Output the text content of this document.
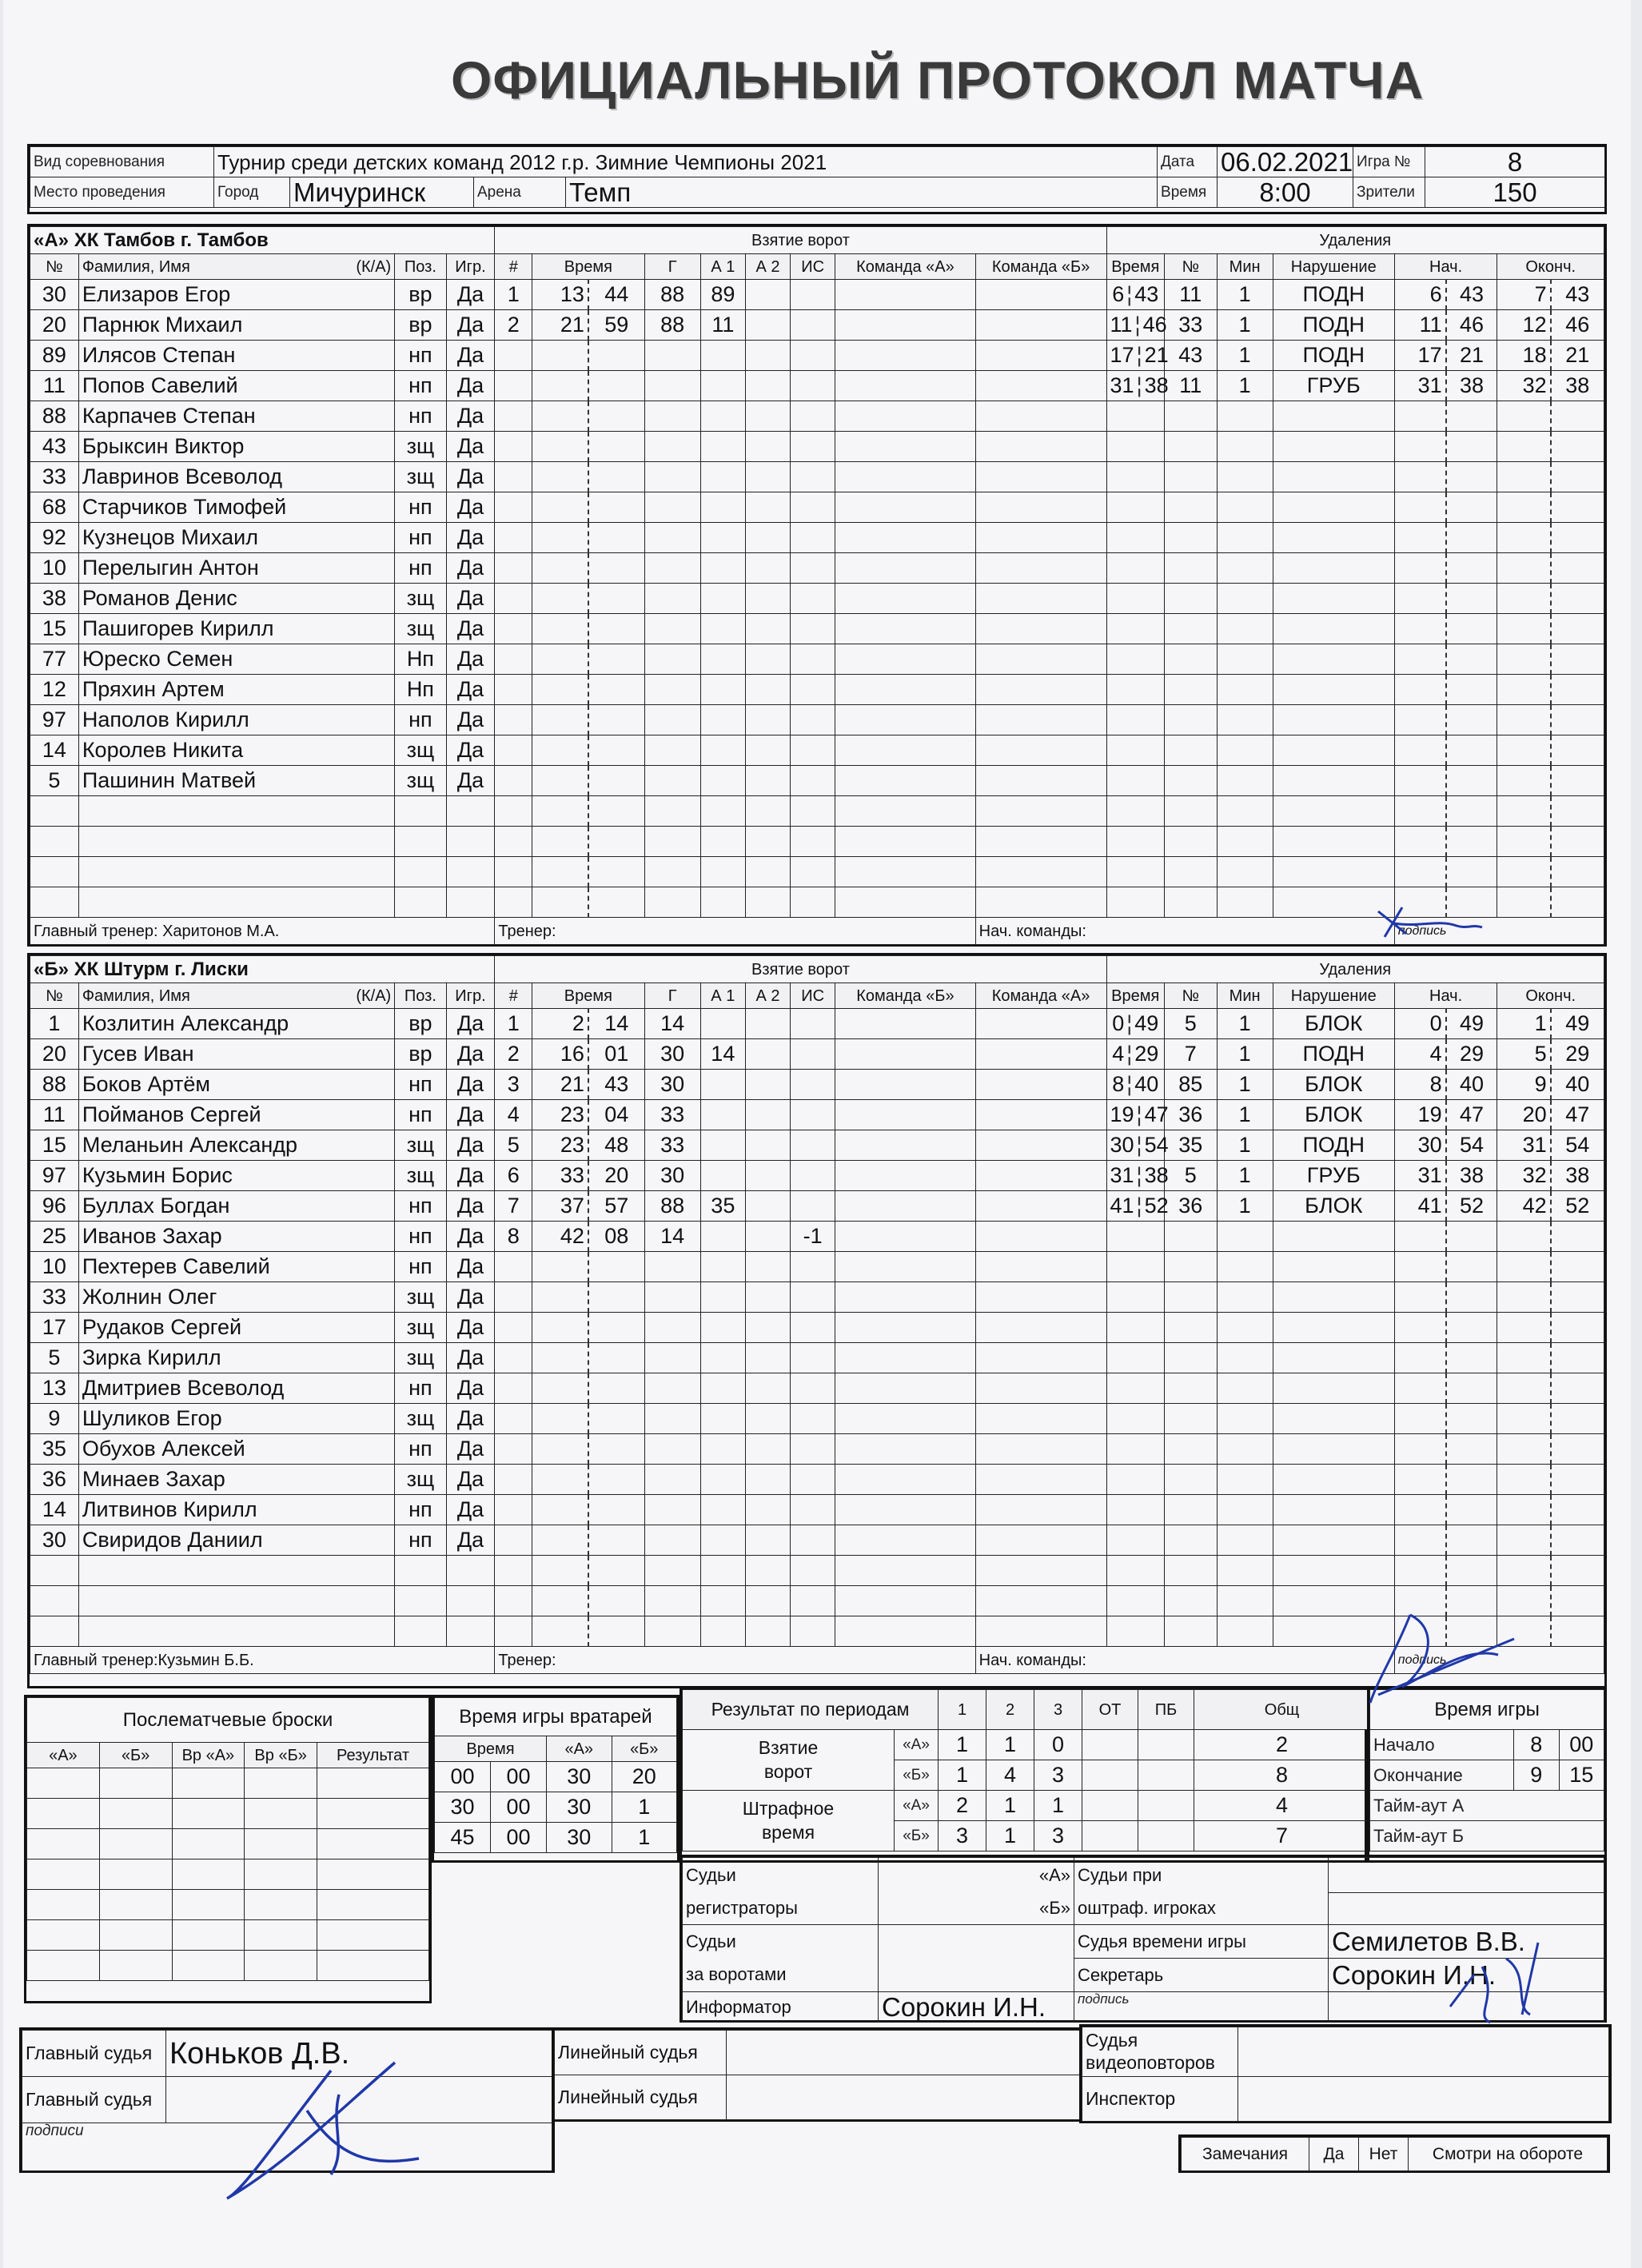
ОФИЦИАЛЬНЫЙ ПРОТОКОЛ МАТЧА
Вид соревнования	Турнир среди детских команд 2012 г.р. Зимние Чемпионы 2021				Дата	06.02.2021	Игра №	8
Место проведения	Город	Мичуринск	Арена	Темп	Время	8:00	Зрители	150
«А» ХК Тамбов г. Тамбов				Взятие ворот									Удаления							
№	Фамилия, Имя (К/А)	Поз.	Игр.	#	Время		Г	А 1	А 2	ИС	Команда «А»	Команда «Б»	Время	№	Мин	Нарушение	Нач.		Оконч.	
30	Елизаров Егор	вр	Да	1	13	44	88	89					6 ¦ 43	11	1	ПОДН	6	43	7	43
20	Парнюк Михаил	вр	Да	2	21	59	88	11					11 ¦ 46	33	1	ПОДН	11	46	12	46
89	Илясов Степан	нп	Да										17 ¦ 21	43	1	ПОДН	17	21	18	21
11	Попов Савелий	нп	Да										31 ¦ 38	11	1	ГРУБ	31	38	32	38
88	Карпачев Степан	нп	Да																	
43	Брыксин Виктор	зщ	Да																	
33	Лавринов Всеволод	зщ	Да																	
68	Старчиков Тимофей	нп	Да																	
92	Кузнецов Михаил	нп	Да																	
10	Перелыгин Антон	нп	Да																	
38	Романов Денис	зщ	Да																	
15	Пашигорев Кирилл	зщ	Да																	
77	Юреско Семен	Нп	Да																	
12	Пряхин Артем	Нп	Да																	
97	Наполов Кирилл	нп	Да																	
14	Королев Никита	зщ	Да																	
5	Пашинин Матвей	зщ	Да																	

Главный тренер: Харитонов М.А.				Тренер:								Нач. команды:					подпись			
«Б» ХК Штурм г. Лиски				Взятие ворот									Удаления							
№	Фамилия, Имя (К/А)	Поз.	Игр.	#	Время		Г	А 1	А 2	ИС	Команда «Б»	Команда «А»	Время	№	Мин	Нарушение	Нач.		Оконч.	
1	Козлитин Александр	вр	Да	1	2	14	14						0 ¦ 49	5	1	БЛОК	0	49	1	49
20	Гусев Иван	вр	Да	2	16	01	30	14					4 ¦ 29	7	1	ПОДН	4	29	5	29
88	Боков Артём	нп	Да	3	21	43	30						8 ¦ 40	85	1	БЛОК	8	40	9	40
11	Пойманов Сергей	нп	Да	4	23	04	33						19 ¦ 47	36	1	БЛОК	19	47	20	47
15	Меланьин Александр	зщ	Да	5	23	48	33						30 ¦ 54	35	1	ПОДН	30	54	31	54
97	Кузьмин Борис	зщ	Да	6	33	20	30						31 ¦ 38	5	1	ГРУБ	31	38	32	38
96	Буллах Богдан	нп	Да	7	37	57	88	35					41 ¦ 52	36	1	БЛОК	41	52	42	52
25	Иванов Захар	нп	Да	8	42	08	14			-1										
10	Пехтерев Савелий	нп	Да																	
33	Жолнин Олег	зщ	Да																	
17	Рудаков Сергей	зщ	Да																	
5	Зирка Кирилл	зщ	Да																	
13	Дмитриев Всеволод	нп	Да																	
9	Шуликов Егор	зщ	Да																	
35	Обухов Алексей	нп	Да																	
36	Минаев Захар	зщ	Да																	
14	Литвинов Кирилл	нп	Да																	
30	Свиридов Даниил	нп	Да																	

Главный тренер:Кузьмин Б.Б.				Тренер:								Нач. команды:					подпись			
Послематчевые броски				
«А»	«Б»	Вр «А»	Вр «Б»	Результат

Время игры вратарей			
Время		«А»	«Б»
00	00	30	20
30	00	30	1
45	00	30	1
Результат по периодам		1	2	3	ОТ	ПБ	Общ
Взятие
ворот	«А»	1	1	0			2
	«Б»	1	4	3			8
Штрафное
время	«А»	2	1	1			4
	«Б»	3	1	3			7
Время игры		
Начало	8	00
Окончание	9	15
Тайм-аут А		
Тайм-аут Б		
Судьи	«А»	Судьи при	
регистраторы	«Б»	оштраф. игроках	
Судьи		Судья времени игры	Семилетов В.В.
за воротами		Секретарь	Сорокин И.Н.
Информатор	Сорокин И.Н.	подпись	
Главный судья	Коньков Д.В.
Главный судья	
подписи	
Линейный судья	
Линейный судья	
Судья
видеоповторов	
Инспектор	
Замечания	Да	Нет	Смотри на обороте
